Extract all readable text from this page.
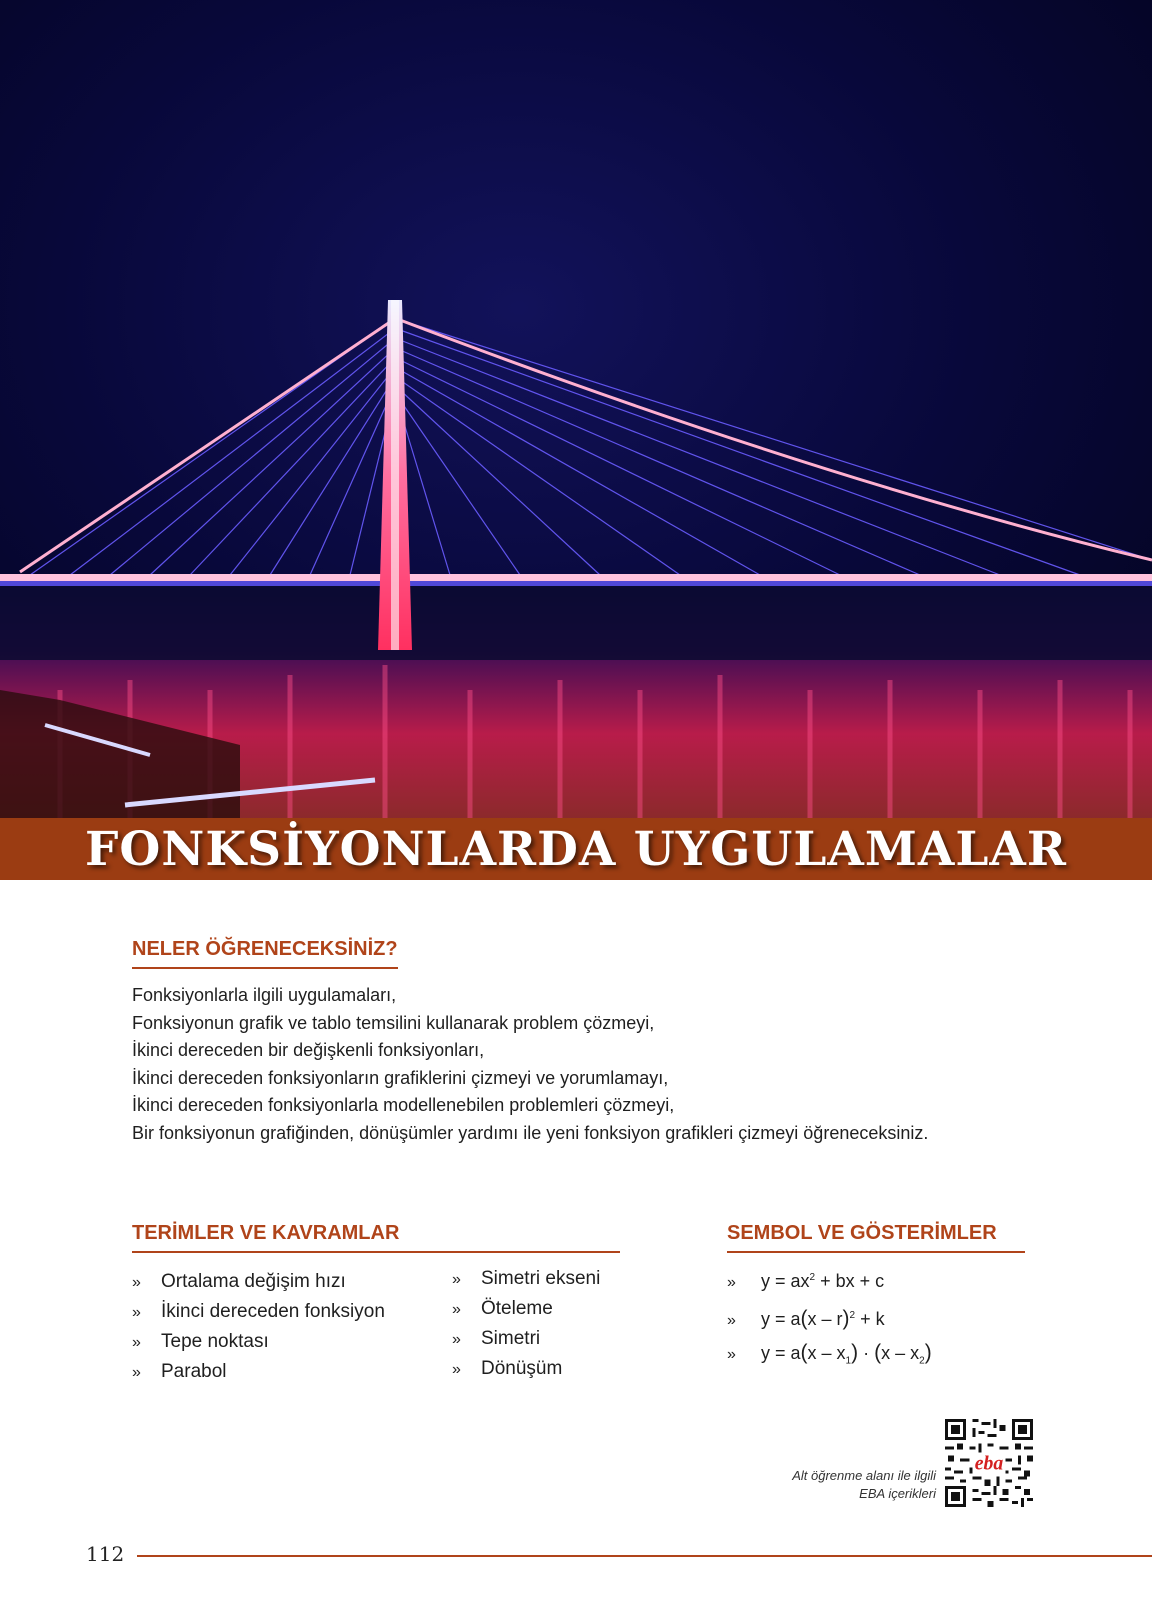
FONKSİYONLARDA UYGULAMALAR
NELER ÖĞRENECEKSİNİZ?
Fonksiyonlarla ilgili uygulamaları,
Fonksiyonun grafik ve tablo temsilini kullanarak problem çözmeyi,
İkinci dereceden bir değişkenli fonksiyonları,
İkinci dereceden fonksiyonların grafiklerini çizmeyi ve yorumlamayı,
İkinci dereceden fonksiyonlarla modellenebilen problemleri çözmeyi,
Bir fonksiyonun grafiğinden, dönüşümler yardımı ile yeni fonksiyon grafikleri çizmeyi öğreneceksiniz.
TERİMLER VE KAVRAMLAR
» Ortalama değişim hızı
» İkinci dereceden fonksiyon
» Tepe noktası
» Parabol
» Simetri ekseni
» Öteleme
» Simetri
» Dönüşüm
SEMBOL VE GÖSTERİMLER
» $y = ax^2$ + bx + c
» y = a(x – r)$^2$ + k
» $y = a(x - x_1) \cdot (x - x_2)$
Alt öğrenme alanı ile ilgili
EBA içerikleri
eba
112
